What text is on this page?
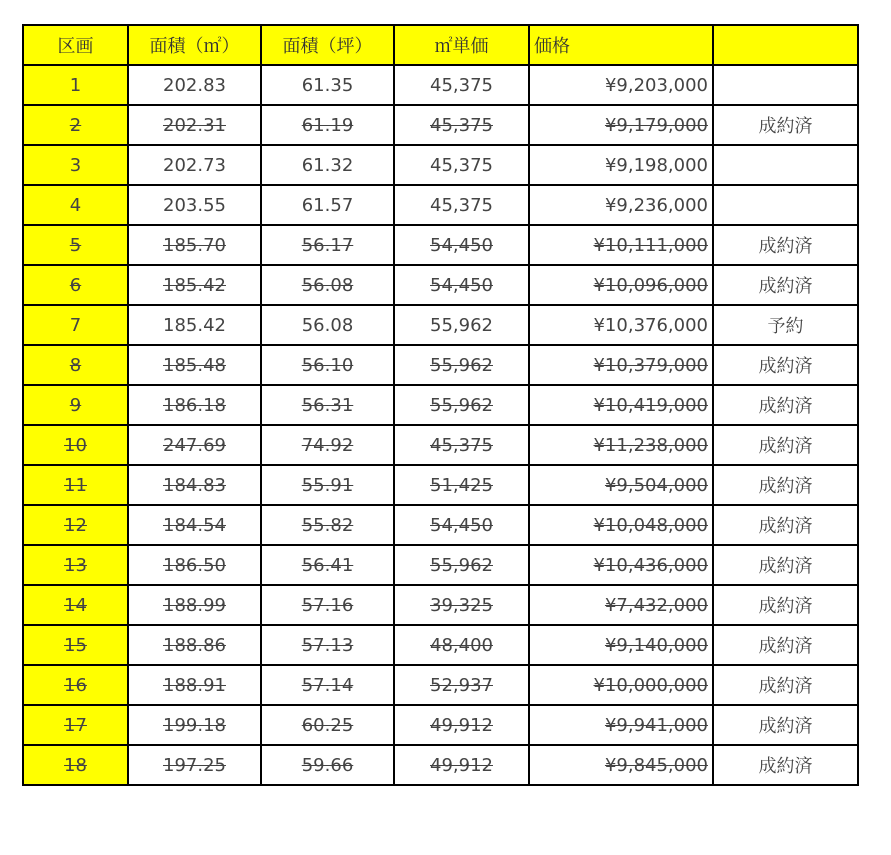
区画	面積（㎡）	面積（坪）	㎡単価	価格	
1	202.83	61.35	45,375	¥9,203,000	
2	202.31	61.19	45,375	¥9,179,000	成約済
3	202.73	61.32	45,375	¥9,198,000	
4	203.55	61.57	45,375	¥9,236,000	
5	185.70	56.17	54,450	¥10,111,000	成約済
6	185.42	56.08	54,450	¥10,096,000	成約済
7	185.42	56.08	55,962	¥10,376,000	予約
8	185.48	56.10	55,962	¥10,379,000	成約済
9	186.18	56.31	55,962	¥10,419,000	成約済
10	247.69	74.92	45,375	¥11,238,000	成約済
11	184.83	55.91	51,425	¥9,504,000	成約済
12	184.54	55.82	54,450	¥10,048,000	成約済
13	186.50	56.41	55,962	¥10,436,000	成約済
14	188.99	57.16	39,325	¥7,432,000	成約済
15	188.86	57.13	48,400	¥9,140,000	成約済
16	188.91	57.14	52,937	¥10,000,000	成約済
17	199.18	60.25	49,912	¥9,941,000	成約済
18	197.25	59.66	49,912	¥9,845,000	成約済
